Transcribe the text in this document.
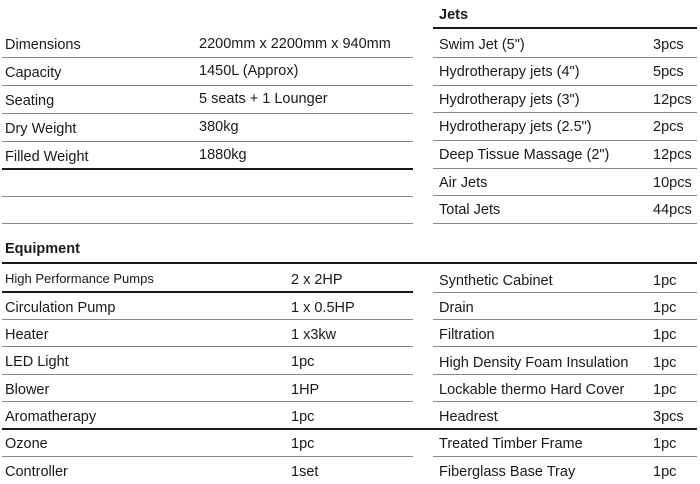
Jets
Dimensions	2200mm x 2200mm x 940mm
Capacity	1450L (Approx)
Seating	5 seats + 1 Lounger
Dry Weight	380kg
Filled Weight	1880kg
Swim Jet (5")	3pcs
Hydrotherapy jets (4")	5pcs
Hydrotherapy jets (3")	12pcs
Hydrotherapy jets (2.5")	2pcs
Deep Tissue Massage (2")	12pcs
Air Jets	10pcs
Total Jets	44pcs
Equipment
High Performance Pumps	2 x 2HP
Circulation Pump	1 x 0.5HP
Heater	1 x3kw
LED Light	1pc
Blower	1HP
Aromatherapy	1pc
Ozone	1pc
Controller	1set
Synthetic Cabinet	1pc
Drain	1pc
Filtration	1pc
High Density Foam Insulation 1pc
Lockable thermo Hard Cover 1pc
Headrest	3pcs
Treated Timber Frame	1pc
Fiberglass Base Tray	1pc
